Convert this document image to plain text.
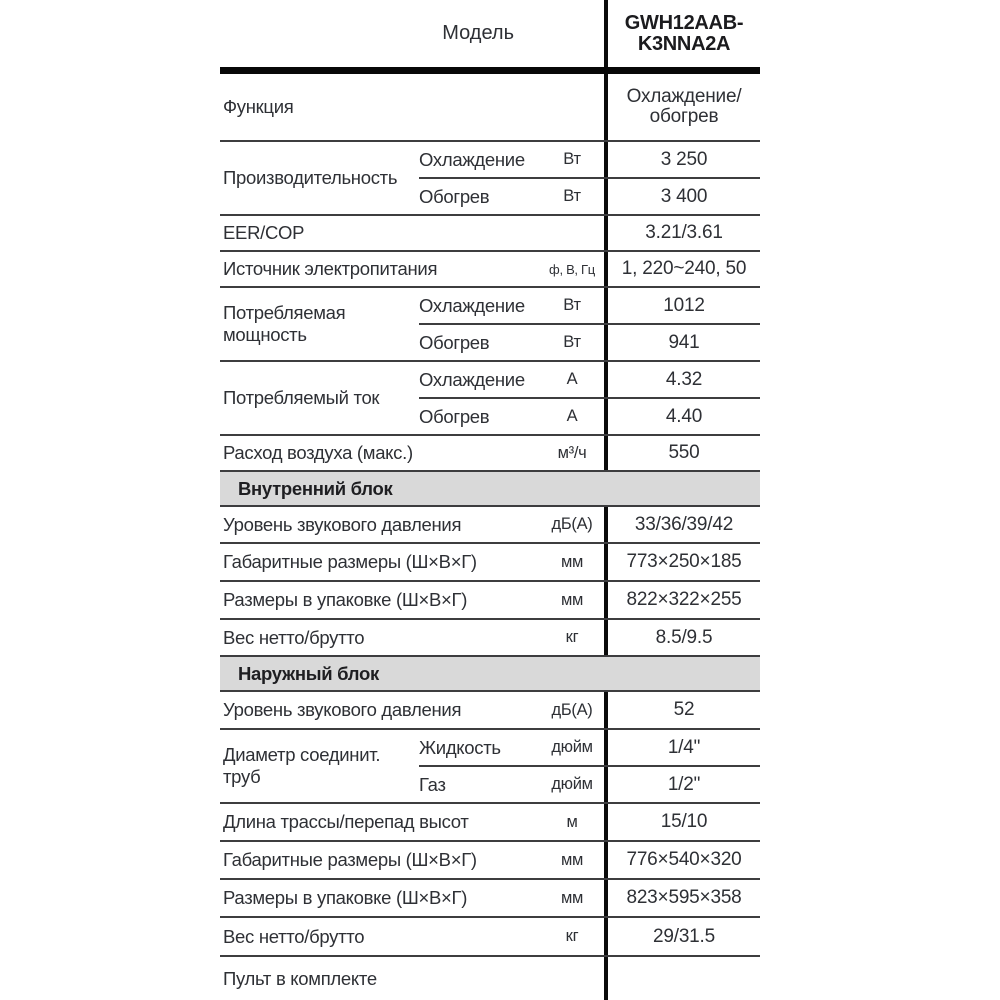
Модель	GWH12AAB-
K3NNA2A
Функция	Охлаждение/
обогрев
Производительность
Охлаждение	Вт	3 250
Обогрев	Вт	3 400
EER/COP	3.21/3.61
Источник электропитания	ф, В, Гц	1, 220~240, 50
Потребляемая мощность
Охлаждение	Вт	1012
Обогрев	Вт	941
Потребляемый ток
Охлаждение	А	4.32
Обогрев	А	4.40
Расход воздуха (макс.)	м³/ч	550
Внутренний блок
Уровень звукового давления	дБ(А)	33/36/39/42
Габаритные размеры (Ш×В×Г)	мм	773×250×185
Размеры в упаковке (Ш×В×Г)	мм	822×322×255
Вес нетто/брутто	кг	8.5/9.5
Наружный блок
Уровень звукового давления	дБ(А)	52
Диаметр соединит. труб
Жидкость	дюйм	1/4"
Газ	дюйм	1/2"
Длина трассы/перепад высот	м	15/10
Габаритные размеры (Ш×В×Г)	мм	776×540×320
Размеры в упаковке (Ш×В×Г)	мм	823×595×358
Вес нетто/брутто	кг	29/31.5
Пульт в комплекте
